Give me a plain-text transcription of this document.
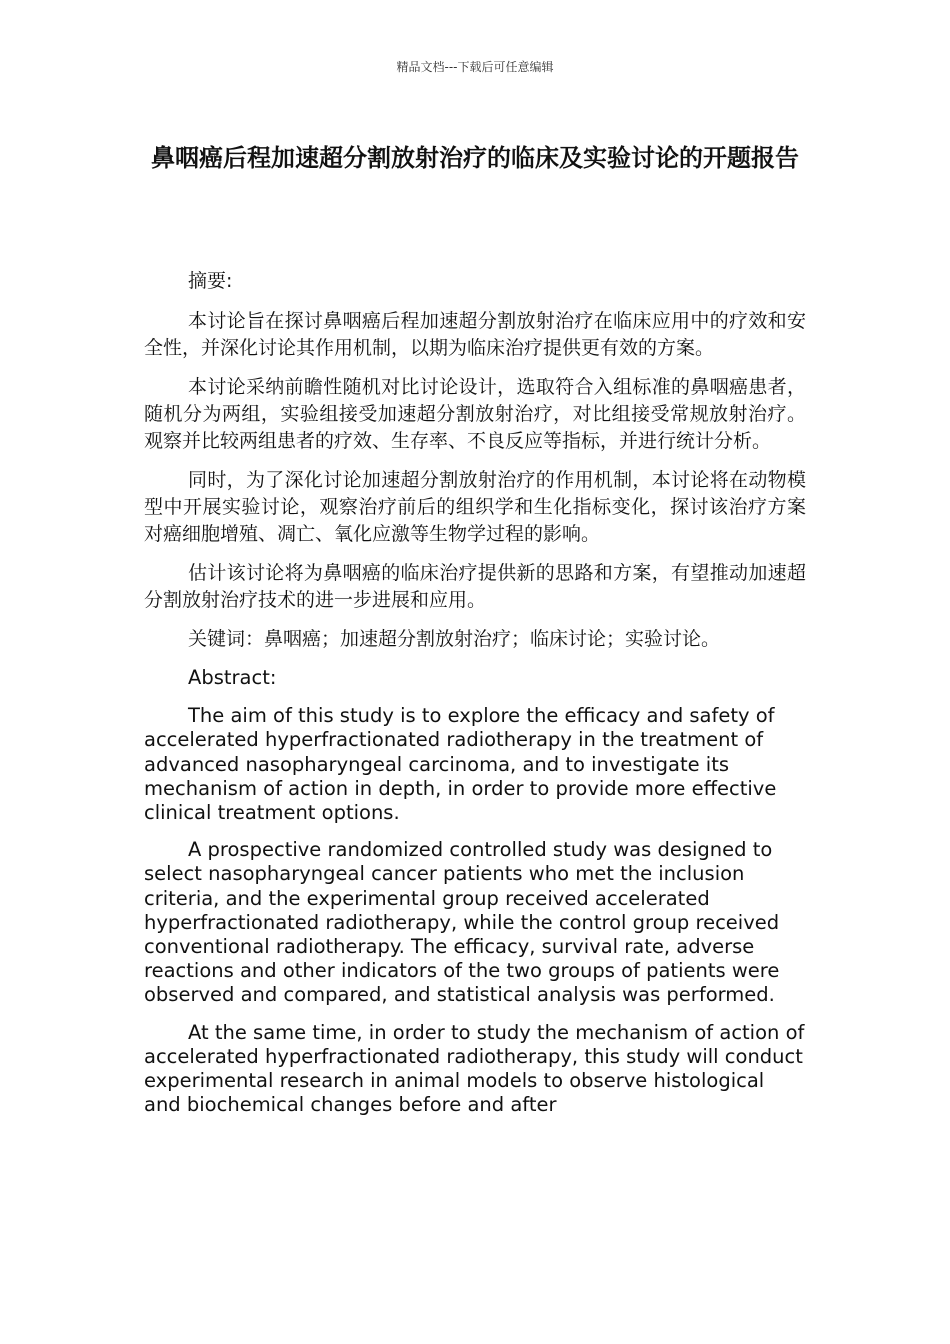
精品文档---下载后可任意编辑
鼻咽癌后程加速超分割放射治疗的临床及实验讨论的开题报告

摘要:

本讨论旨在探讨鼻咽癌后程加速超分割放射治疗在临床应用中的疗效和安全性，并深化讨论其作用机制，以期为临床治疗提供更有效的方案。

本讨论采纳前瞻性随机对比讨论设计，选取符合入组标准的鼻咽癌患者，随机分为两组，实验组接受加速超分割放射治疗，对比组接受常规放射治疗。观察并比较两组患者的疗效、生存率、不良反应等指标，并进行统计分析。

同时，为了深化讨论加速超分割放射治疗的作用机制，本讨论将在动物模型中开展实验讨论，观察治疗前后的组织学和生化指标变化，探讨该治疗方案对癌细胞增殖、凋亡、氧化应激等生物学过程的影响。

估计该讨论将为鼻咽癌的临床治疗提供新的思路和方案，有望推动加速超分割放射治疗技术的进一步进展和应用。

关键词：鼻咽癌；加速超分割放射治疗；临床讨论；实验讨论。

Abstract:

The aim of this study is to explore the efficacy and safety of accelerated hyperfractionated radiotherapy in the treatment of advanced nasopharyngeal carcinoma, and to investigate its mechanism of action in depth, in order to provide more effective clinical treatment options.

A prospective randomized controlled study was designed to select nasopharyngeal cancer patients who met the inclusion criteria, and the experimental group received accelerated hyperfractionated radiotherapy, while the control group received conventional radiotherapy. The efficacy, survival rate, adverse reactions and other indicators of the two groups of patients were observed and compared, and statistical analysis was performed.

At the same time, in order to study the mechanism of action of accelerated hyperfractionated radiotherapy, this study will conduct experimental research in animal models to observe histological and biochemical changes before and after
